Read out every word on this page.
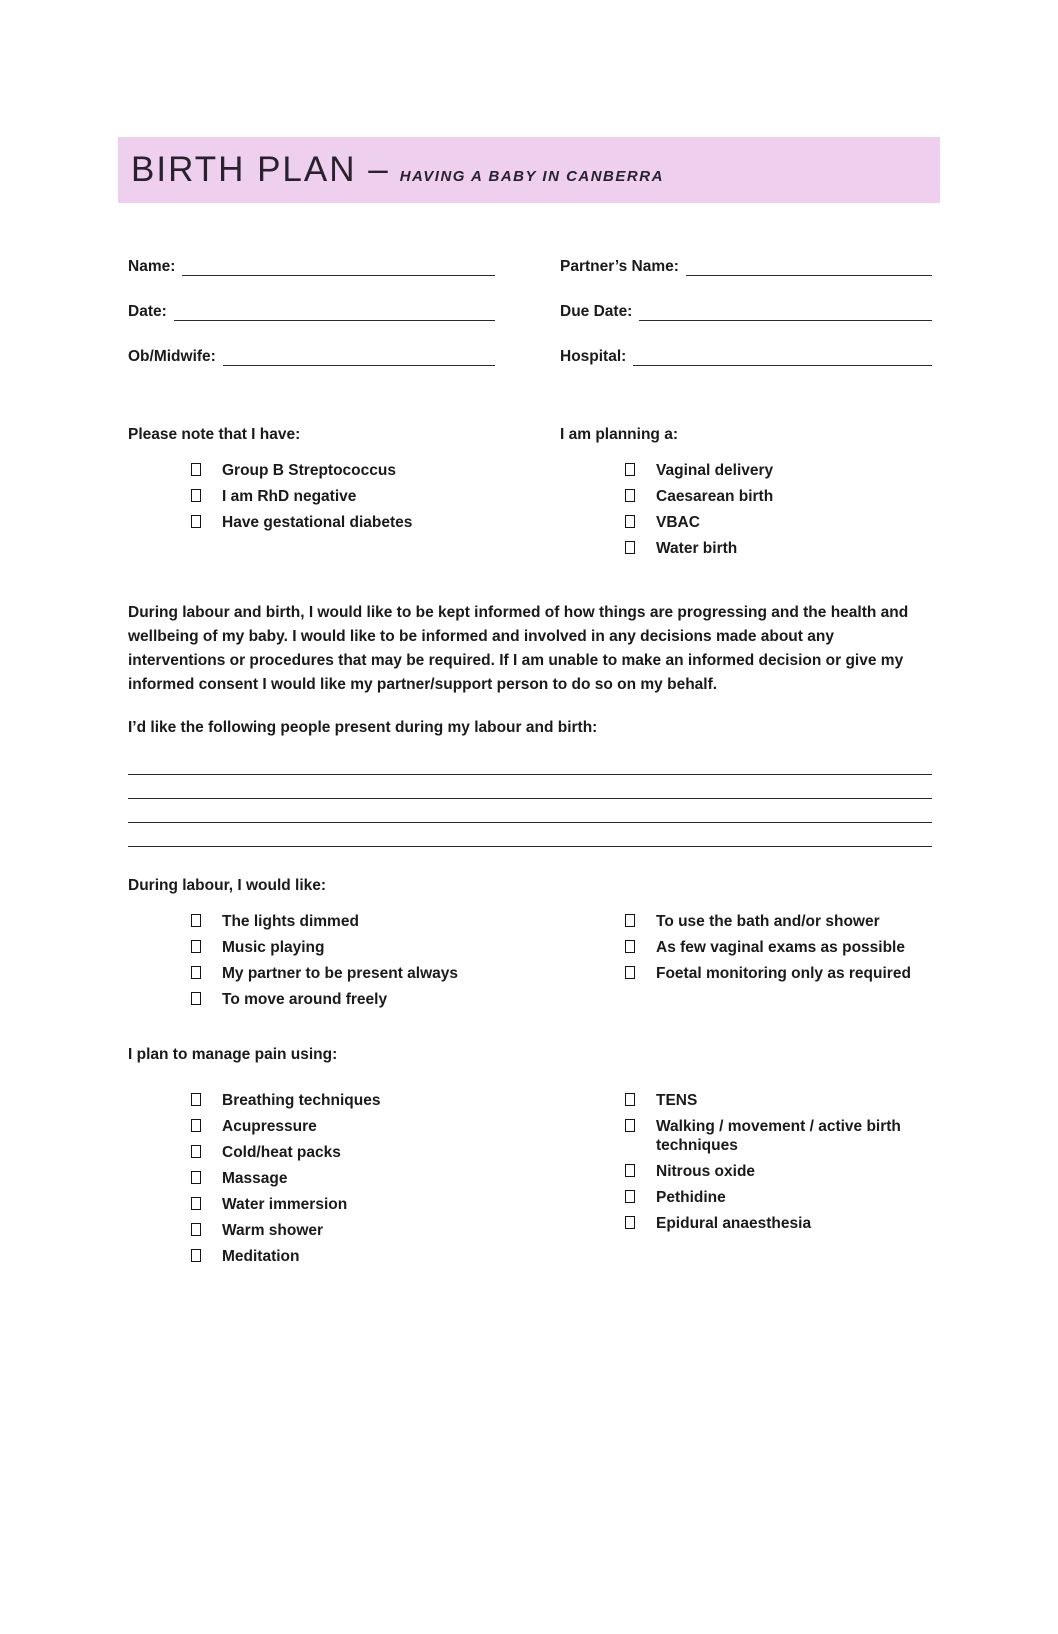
BIRTH PLAN – HAVING A BABY IN CANBERRA
Name:	Partner’s Name:
Date:	Due Date:
Ob/Midwife:	Hospital:
Please note that I have:
Group B Streptococcus
I am RhD negative
Have gestational diabetes
I am planning a:
Vaginal delivery
Caesarean birth
VBAC
Water birth

During labour and birth, I would like to be kept informed of how things are progressing and the health and wellbeing of my baby. I would like to be informed and involved in any decisions made about any interventions or procedures that may be required. If I am unable to make an informed decision or give my informed consent I would like my partner/support person to do so on my behalf.

I’d like the following people present during my labour and birth:

During labour, I would like:
The lights dimmed
Music playing
My partner to be present always
To move around freely
To use the bath and/or shower
As few vaginal exams as possible
Foetal monitoring only as required
I plan to manage pain using:
Breathing techniques
Acupressure
Cold/heat packs
Massage
Water immersion
Warm shower
Meditation
TENS
Walking / movement / active birth techniques
Nitrous oxide
Pethidine
Epidural anaesthesia
